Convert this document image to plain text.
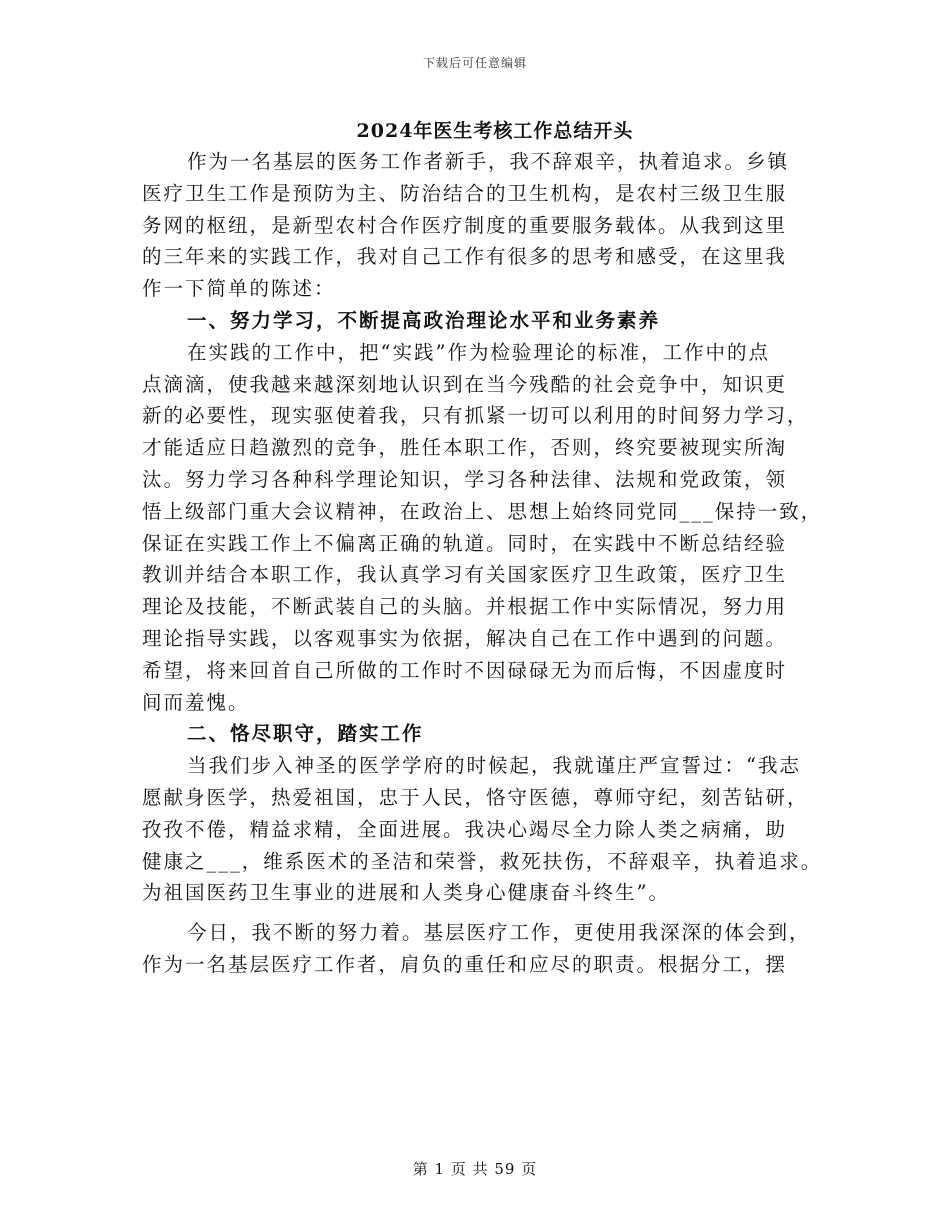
下载后可任意编辑
2024年医生考核工作总结开头
作为一名基层的医务工作者新手，我不辞艰辛，执着追求。乡镇
医疗卫生工作是预防为主、防治结合的卫生机构，是农村三级卫生服
务网的枢纽，是新型农村合作医疗制度的重要服务载体。从我到这里
的三年来的实践工作，我对自己工作有很多的思考和感受，在这里我
作一下简单的陈述：
一、努力学习，不断提高政治理论水平和业务素养
在实践的工作中，把“实践”作为检验理论的标准，工作中的点
点滴滴，使我越来越深刻地认识到在当今残酷的社会竞争中，知识更
新的必要性，现实驱使着我，只有抓紧一切可以利用的时间努力学习，
才能适应日趋激烈的竞争，胜任本职工作，否则，终究要被现实所淘
汰。努力学习各种科学理论知识，学习各种法律、法规和党政策，领
悟上级部门重大会议精神，在政治上、思想上始终同党同___保持一致，
保证在实践工作上不偏离正确的轨道。同时，在实践中不断总结经验
教训并结合本职工作，我认真学习有关国家医疗卫生政策，医疗卫生
理论及技能，不断武装自己的头脑。并根据工作中实际情况，努力用
理论指导实践，以客观事实为依据，解决自己在工作中遇到的问题。
希望，将来回首自己所做的工作时不因碌碌无为而后悔，不因虚度时
间而羞愧。
二、恪尽职守，踏实工作
当我们步入神圣的医学学府的时候起，我就谨庄严宣誓过：“我志
愿献身医学，热爱祖国，忠于人民，恪守医德，尊师守纪，刻苦钻研，
孜孜不倦，精益求精，全面进展。我决心竭尽全力除人类之病痛，助
健康之___，维系医术的圣洁和荣誉，救死扶伤，不辞艰辛，执着追求。
为祖国医药卫生事业的进展和人类身心健康奋斗终生”。
今日，我不断的努力着。基层医疗工作，更使用我深深的体会到，
作为一名基层医疗工作者，肩负的重任和应尽的职责。根据分工，摆
第 1 页 共 59 页
